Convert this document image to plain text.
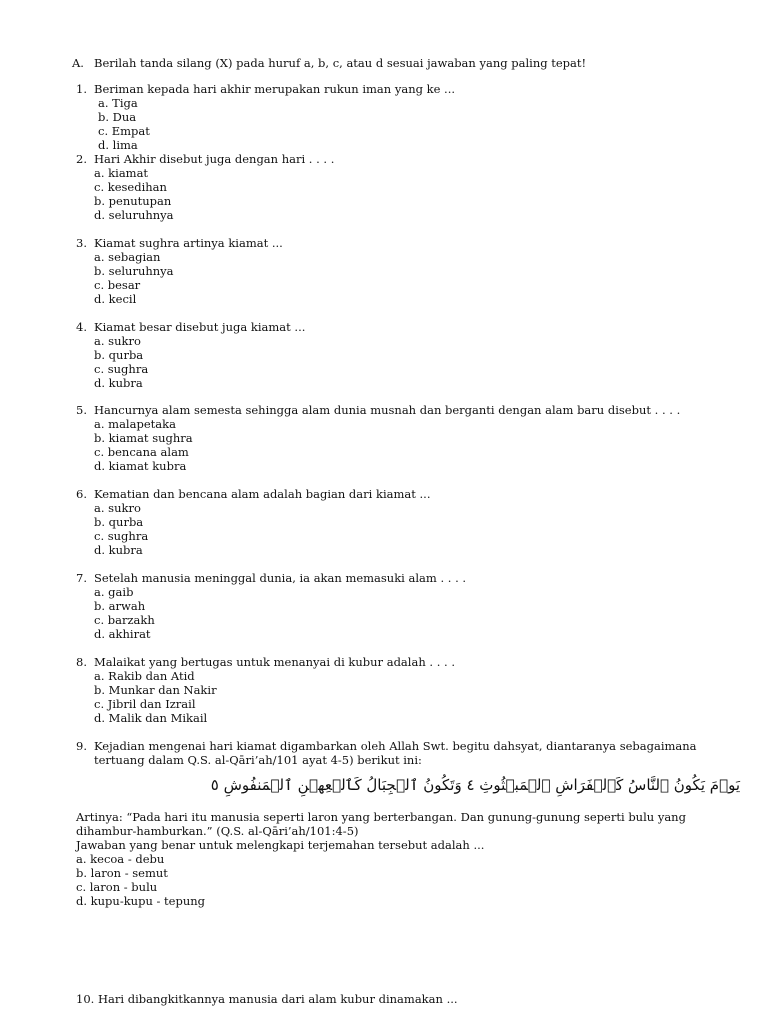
A. Berilah tanda silang (X) pada huruf a, b, c, atau d sesuai jawaban yang paling tepat!
1. Beriman kepada hari akhir merupakan rukun iman yang ke ...
a. Tiga
b. Dua
c. Empat
d. lima
2. Hari Akhir disebut juga dengan hari . . . .
a. kiamat
c. kesedihan
b. penutupan
d. seluruhnya
3. Kiamat sughra artinya kiamat ...
a. sebagian
b. seluruhnya
c. besar
d. kecil
4. Kiamat besar disebut juga kiamat ...
a. sukro
b. qurba
c. sughra
d. kubra
5. Hancurnya alam semesta sehingga alam dunia musnah dan berganti dengan alam baru disebut . . . .
a. malapetaka
b. kiamat sughra
c. bencana alam
d. kiamat kubra
6. Kematian dan bencana alam adalah bagian dari kiamat ...
a. sukro
b. qurba
c. sughra
d. kubra
7. Setelah manusia meninggal dunia, ia akan memasuki alam . . . .
a. gaib
b. arwah
c. barzakh
d. akhirat
8. Malaikat yang bertugas untuk menanyai di kubur adalah . . . .
a. Rakib dan Atid
b. Munkar dan Nakir
c. Jibril dan Izrail
d. Malik dan Mikail
9. Kejadian mengenai hari kiamat digambarkan oleh Allah Swt. begitu dahsyat, diantaranya sebagaimana
tertuang dalam Q.S. al-Qāri’ah/101 ayat 4-5) berikut ini:
يَوۡمَ يَكُونُ ٱلنَّاسُ كَٱلۡفَرَاشِ ٱلۡمَبۡثُوثِ ٤ وَتَكُونُ ٱلۡجِبَالُ كَٱلۡعِهۡنِ ٱلۡمَنفُوشِ ٥
Artinya: “Pada hari itu manusia seperti laron yang berterbangan. Dan gunung-gunung seperti bulu yang
dihambur-hamburkan.” (Q.S. al-Qāri’ah/101:4-5)
Jawaban yang benar untuk melengkapi terjemahan tersebut adalah ...
a. kecoa - debu
b. laron - semut
c. laron - bulu
d. kupu-kupu - tepung
10. Hari dibangkitkannya manusia dari alam kubur dinamakan ...
